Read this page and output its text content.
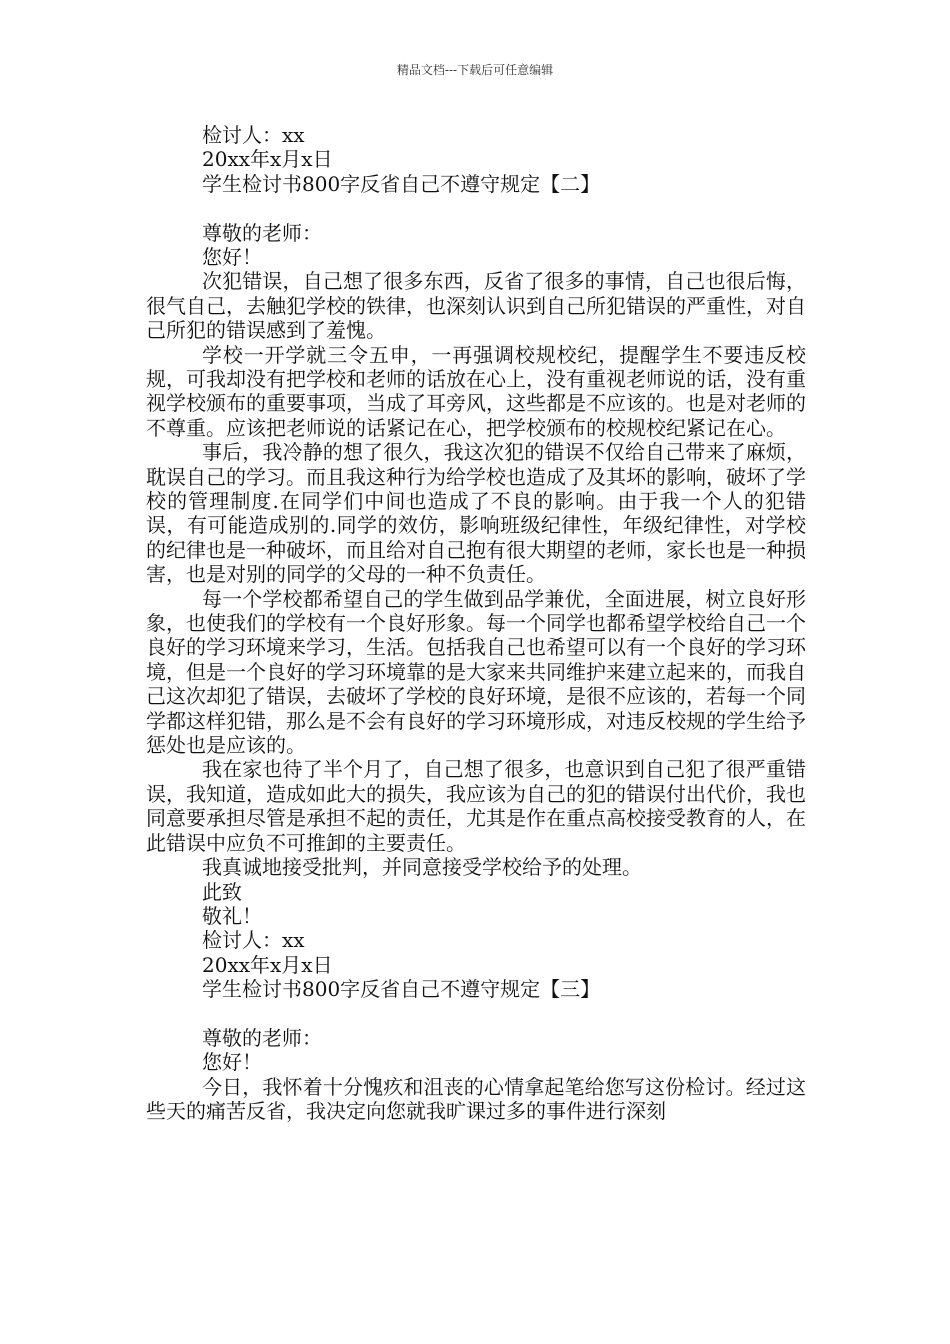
精品文档---下载后可任意编辑
检讨人：xx
20xx年x月x日
学生检讨书800字反省自己不遵守规定【二】
尊敬的老师：
您好！

次犯错误，自己想了很多东西，反省了很多的事情，自己也很后悔，很气自己，去触犯学校的铁律，也深刻认识到自己所犯错误的严重性，对自己所犯的错误感到了羞愧。

学校一开学就三令五申，一再强调校规校纪，提醒学生不要违反校规，可我却没有把学校和老师的话放在心上，没有重视老师说的话，没有重视学校颁布的重要事项，当成了耳旁风，这些都是不应该的。也是对老师的不尊重。应该把老师说的话紧记在心，把学校颁布的校规校纪紧记在心。

事后，我冷静的想了很久，我这次犯的错误不仅给自己带来了麻烦，耽误自己的学习。而且我这种行为给学校也造成了及其坏的影响，破坏了学校的管理制度.在同学们中间也造成了不良的影响。由于我一个人的犯错误，有可能造成别的.同学的效仿，影响班级纪律性，年级纪律性，对学校的纪律也是一种破坏，而且给对自己抱有很大期望的老师，家长也是一种损害，也是对别的同学的父母的一种不负责任。

每一个学校都希望自己的学生做到品学兼优，全面进展，树立良好形象，也使我们的学校有一个良好形象。每一个同学也都希望学校给自己一个良好的学习环境来学习，生活。包括我自己也希望可以有一个良好的学习环境，但是一个良好的学习环境靠的是大家来共同维护来建立起来的，而我自己这次却犯了错误，去破坏了学校的良好环境，是很不应该的，若每一个同学都这样犯错，那么是不会有良好的学习环境形成，对违反校规的学生给予惩处也是应该的。

我在家也待了半个月了，自己想了很多，也意识到自己犯了很严重错误，我知道，造成如此大的损失，我应该为自己的犯的错误付出代价，我也同意要承担尽管是承担不起的责任，尤其是作在重点高校接受教育的人，在此错误中应负不可推卸的主要责任。

我真诚地接受批判，并同意接受学校给予的处理。

此致
敬礼！
检讨人：xx
20xx年x月x日
学生检讨书800字反省自己不遵守规定【三】
尊敬的老师：
您好！

今日，我怀着十分愧疚和沮丧的心情拿起笔给您写这份检讨。经过这些天的痛苦反省，我决定向您就我旷课过多的事件进行深刻
